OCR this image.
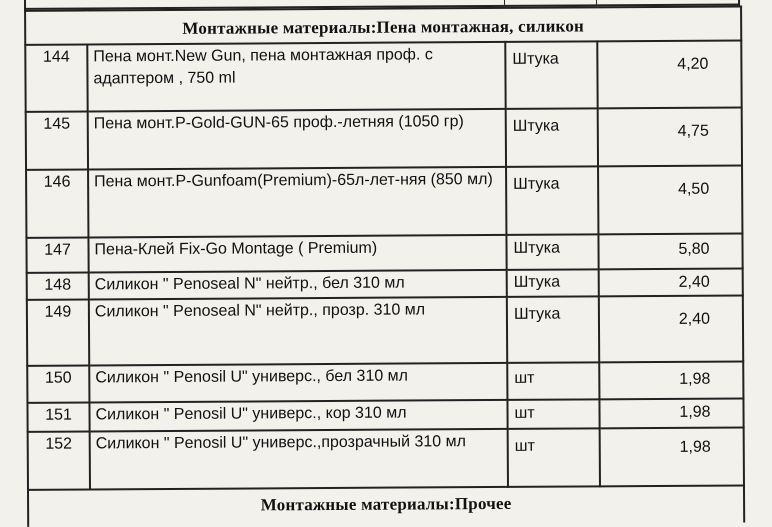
Монтажные материалы:Пена монтажная, силикон			
144	Пена монт.New Gun, пена монтажная проф. с адаптером , 750 ml	Штука	4,20
145	Пена монт.P-Gold-GUN-65 проф.-летняя (1050 гр)	Штука	4,75
146	Пена монт.P-Gunfoam(Premium)-65л-лет-няя (850 мл)	Штука	4,50
147	Пена-Клей Fix-Go Montage ( Premium)	Штука	5,80
148	Силикон " Penoseal N" нейтр., бел 310 мл	Штука	2,40
149	Силикон " Penoseal N" нейтр., прозр. 310 мл	Штука	2,40
150	Силикон " Penosil U" универс., бел 310 мл	шт	1,98
151	Силикон " Penosil U" универс., кор 310 мл	шт	1,98
152	Силикон " Penosil U" универс.,прозрачный 310 мл	шт	1,98
Монтажные материалы:Прочее			
